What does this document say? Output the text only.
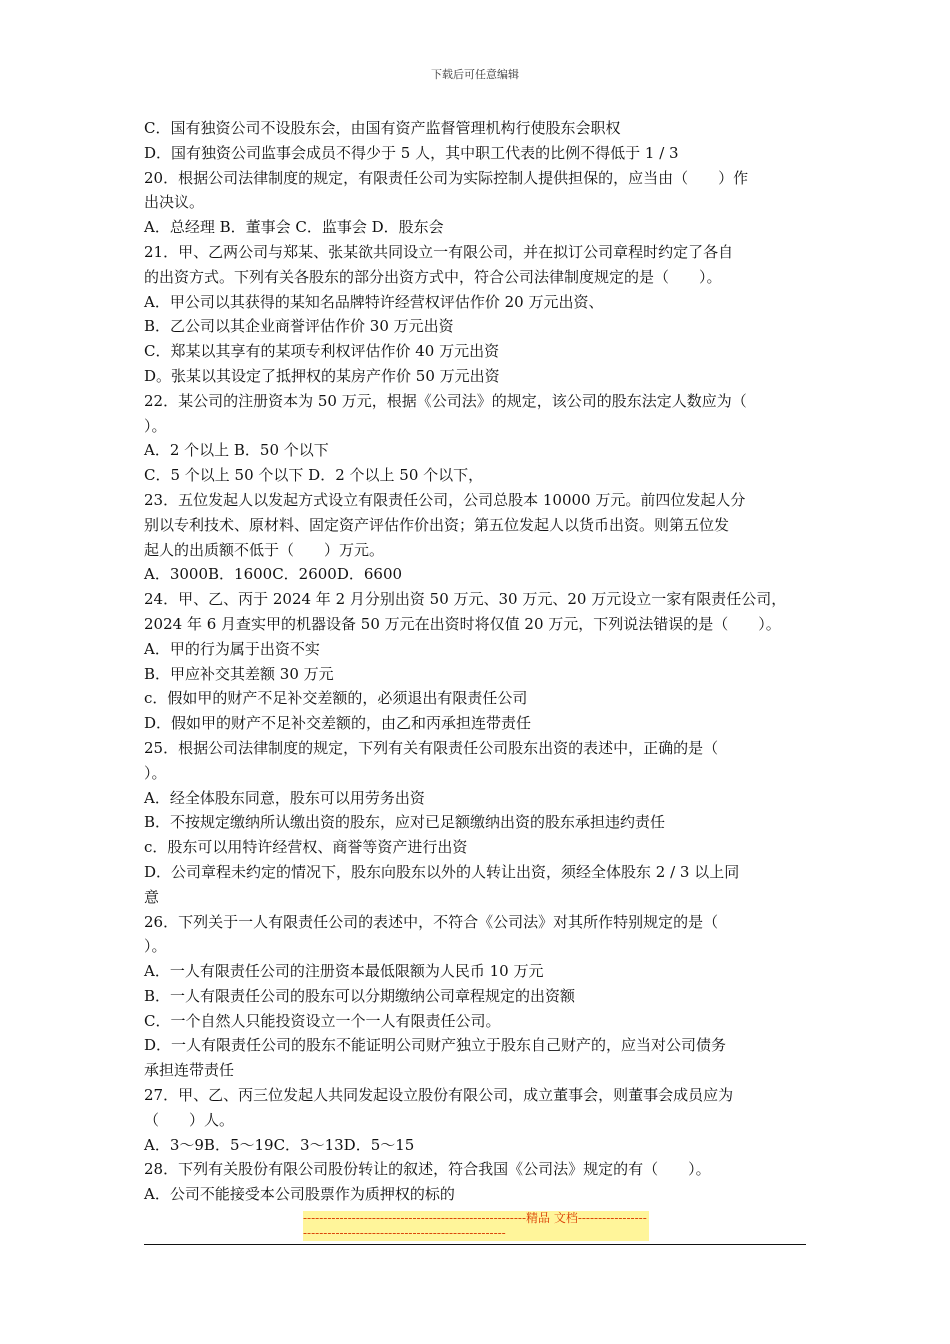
下载后可任意编辑
C．国有独资公司不设股东会，由国有资产监督管理机构行使股东会职权
D．国有独资公司监事会成员不得少于 5 人，其中职工代表的比例不得低于 1 / 3
20．根据公司法律制度的规定，有限责任公司为实际控制人提供担保的，应当由（　　）作
出决议。
A．总经理 B．董事会 C．监事会 D．股东会
21．甲、乙两公司与郑某、张某欲共同设立一有限公司，并在拟订公司章程时约定了各自
的出资方式。下列有关各股东的部分出资方式中，符合公司法律制度规定的是（　　）。
A．甲公司以其获得的某知名品牌特许经营权评估作价 20 万元出资、
B．乙公司以其企业商誉评估作价 30 万元出资
C．郑某以其享有的某项专利权评估作价 40 万元出资
D。张某以其设定了抵押权的某房产作价 50 万元出资
22．某公司的注册资本为 50 万元，根据《公司法》的规定，该公司的股东法定人数应为（
）。
A．2 个以上 B．50 个以下
C．5 个以上 50 个以下 D．2 个以上 50 个以下，
23．五位发起人以发起方式设立有限责任公司，公司总股本 10000 万元。前四位发起人分
别以专利技术、原材料、固定资产评估作价出资；第五位发起人以货币出资。则第五位发
起人的出质额不低于（　　）万元。
A．3000B．1600C．2600D．6600
24．甲、乙、丙于 2024 年 2 月分别出资 50 万元、30 万元、20 万元设立一家有限责任公司，
2024 年 6 月查实甲的机器设备 50 万元在出资时将仅值 20 万元，下列说法错误的是（　　）。
A．甲的行为属于出资不实
B．甲应补交其差额 30 万元
c．假如甲的财产不足补交差额的，必须退出有限责任公司
D．假如甲的财产不足补交差额的，由乙和丙承担连带责任
25．根据公司法律制度的规定，下列有关有限责任公司股东出资的表述中，正确的是（
）。
A．经全体股东同意，股东可以用劳务出资
B．不按规定缴纳所认缴出资的股东，应对已足额缴纳出资的股东承担违约责任
c．股东可以用特许经营权、商誉等资产进行出资
D．公司章程未约定的情况下，股东向股东以外的人转让出资，须经全体股东 2 / 3 以上同
意
26．下列关于一人有限责任公司的表述中，不符合《公司法》对其所作特别规定的是（
）。
A．一人有限责任公司的注册资本最低限额为人民币 10 万元
B．一人有限责任公司的股东可以分期缴纳公司章程规定的出资额
C．一个自然人只能投资设立一个一人有限责任公司。
D．一人有限责任公司的股东不能证明公司财产独立于股东自己财产的，应当对公司债务
承担连带责任
27．甲、乙、丙三位发起人共同发起设立股份有限公司，成立董事会，则董事会成员应为
（　　）人。
A．3～9B．5～19C．3～13D．5～15
28．下列有关股份有限公司股份转让的叙述，符合我国《公司法》规定的有（　　）。
A．公司不能接受本公司股票作为质押权的标的
-------------------------------------------------------精品 文档-------------------------------------------------------------------
